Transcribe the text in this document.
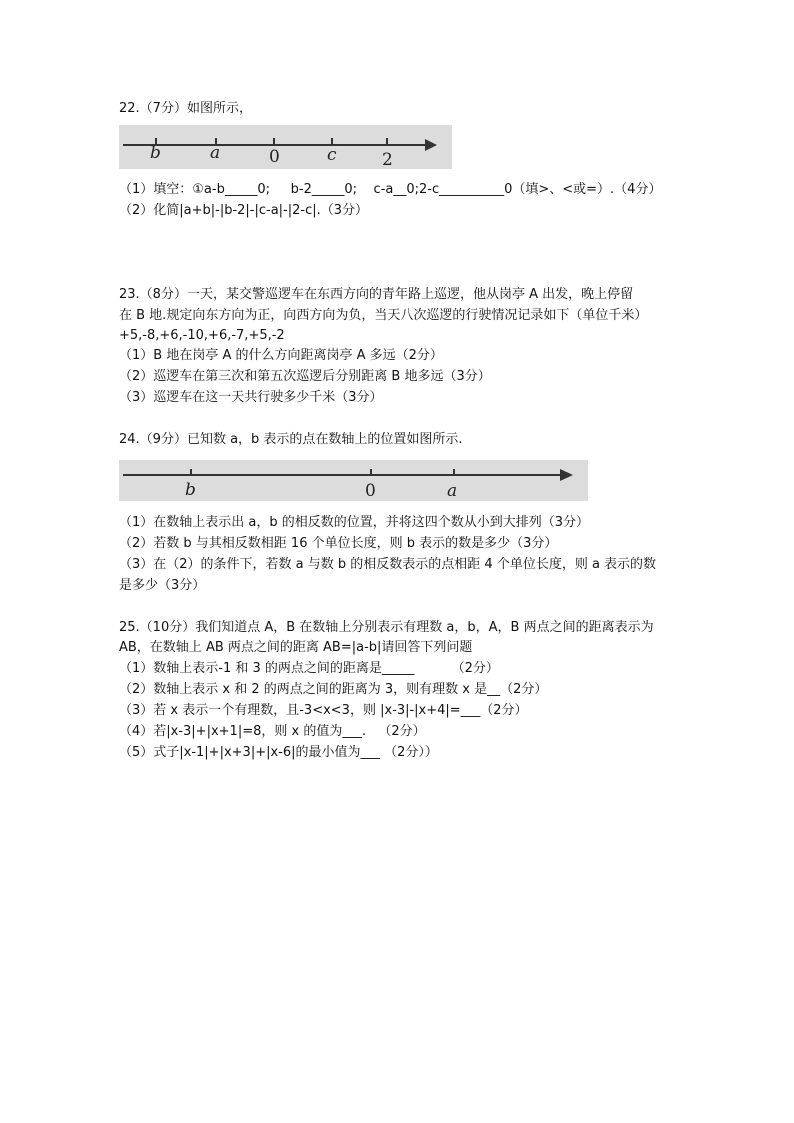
22.（7分）如图所示，
b	a	0	c	2
（1）填空：①a-b_____0;     b-2_____0;    c-a__0;2-c__________0（填>、<或=）.（4分）
（2）化简|a+b|-|b-2|-|c-a|-|2-c|.（3分）
23.（8分）一天，某交警巡逻车在东西方向的青年路上巡逻，他从岗亭 A 出发，晚上停留
在 B 地.规定向东方向为正，向西方向为负，当天八次巡逻的行驶情况记录如下（单位千米）
+5,-8,+6,-10,+6,-7,+5,-2
（1）B 地在岗亭 A 的什么方向距离岗亭 A 多远（2分）
（2）巡逻车在第三次和第五次巡逻后分别距离 B 地多远（3分）
（3）巡逻车在这一天共行驶多少千米（3分）
24.（9分）已知数 a，b 表示的点在数轴上的位置如图所示.
b	0	a
（1）在数轴上表示出 a，b 的相反数的位置，并将这四个数从小到大排列（3分）
（2）若数 b 与其相反数相距 16 个单位长度，则 b 表示的数是多少（3分）
（3）在（2）的条件下，若数 a 与数 b 的相反数表示的点相距 4 个单位长度，则 a 表示的数
是多少（3分）
25.（10分）我们知道点 A，B 在数轴上分别表示有理数 a，b，A，B 两点之间的距离表示为
AB，在数轴上 AB 两点之间的距离 AB=|a-b|请回答下列问题
（1）数轴上表示-1 和 3 的两点之间的距离是_____         （2分）
（2）数轴上表示 x 和 2 的两点之间的距离为 3，则有理数 x 是__（2分）
（3）若 x 表示一个有理数，且-3<x<3，则 |x-3|-|x+4|=___（2分）
（4）若|x-3|+|x+1|=8，则 x 的值为___.   （2分）
（5）式子|x-1|+|x+3|+|x-6|的最小值为___ （2分））
